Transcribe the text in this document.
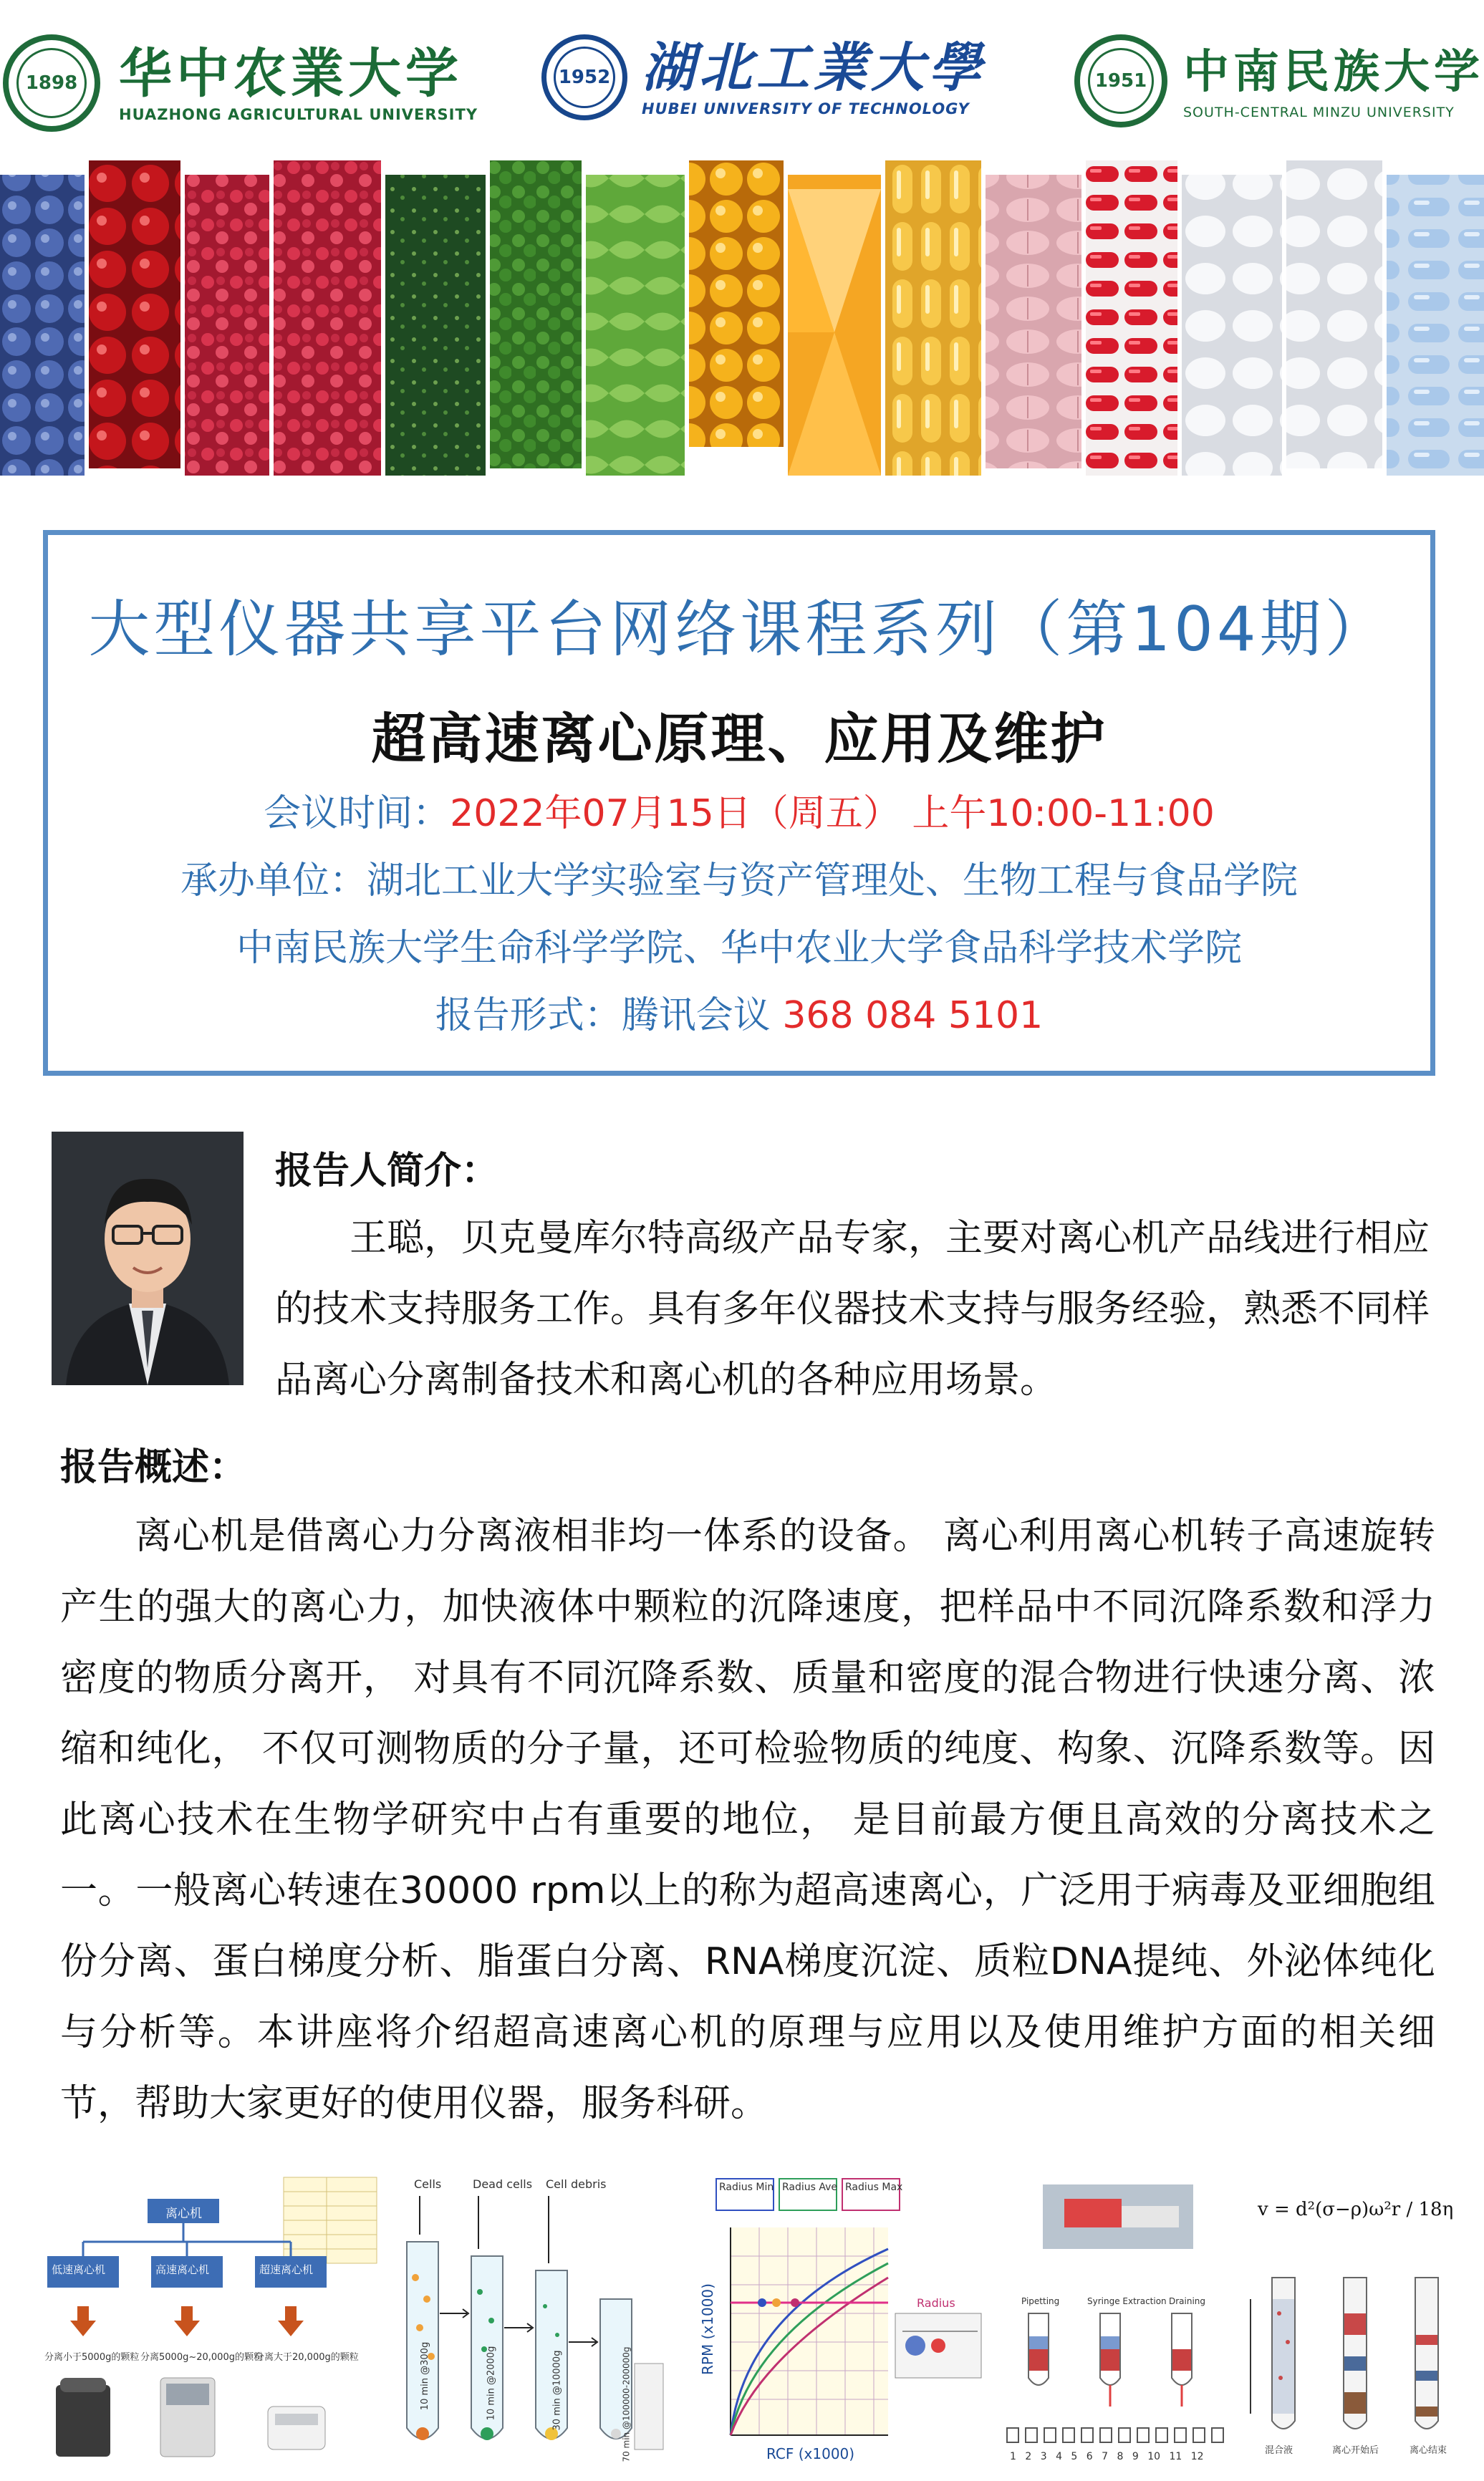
1898 华中农業大学
HUAZHONG AGRICULTURAL UNIVERSITY
1952 湖北工業大學
HUBEI UNIVERSITY OF TECHNOLOGY
1951 中南民族大学
SOUTH-CENTRAL MINZU UNIVERSITY
大型仪器共享平台网络课程系列（第104期）
超高速离心原理、应用及维护
会议时间：2022年07月15日（周五） 上午10:00-11:00
承办单位：湖北工业大学实验室与资产管理处、生物工程与食品学院
中南民族大学生命科学学院、华中农业大学食品科学技术学院
报告形式：腾讯会议 368 084 5101
报告人简介：

王聪，贝克曼库尔特高级产品专家，主要对离心机产品线进行相应的技术支持服务工作。具有多年仪器技术支持与服务经验，熟悉不同样品离心分离制备技术和离心机的各种应用场景。

报告概述：

离心机是借离心力分离液相非均一体系的设备。 离心利用离心机转子高速旋转产生的强大的离心力，加快液体中颗粒的沉降速度，把样品中不同沉降系数和浮力密度的物质分离开， 对具有不同沉降系数、质量和密度的混合物进行快速分离、浓缩和纯化， 不仅可测物质的分子量，还可检验物质的纯度、构象、沉降系数等。因此离心技术在生物学研究中占有重要的地位， 是目前最方便且高效的分离技术之一。一般离心转速在30000 rpm以上的称为超高速离心，广泛用于病毒及亚细胞组份分离、蛋白梯度分析、脂蛋白分离、RNA梯度沉淀、质粒DNA提纯、外泌体纯化与分析等。本讲座将介绍超高速离心机的原理与应用以及使用维护方面的相关细节，帮助大家更好的使用仪器，服务科研。

离心机
低速离心机	高速离心机	超速离心机
分离小于5000g的颗粒 分离5000g~20,000g的颗粒
分离大于20,000g的颗粒
Cells	Dead cells Cell debris
10 min @300g	10 min @2000g	30 min @10000g	70 min @100000-200000g
Radius Min Radius Ave Radius Max
RPM (x1000)
RCF (x1000)
Radius	Pipetting	Syringe Extraction Draining
1 2 3 4 5 6 7 8 9 10 11 12
v = d²(σ−ρ)ω²r / 18η
混合液	离心开始后	离心结束
